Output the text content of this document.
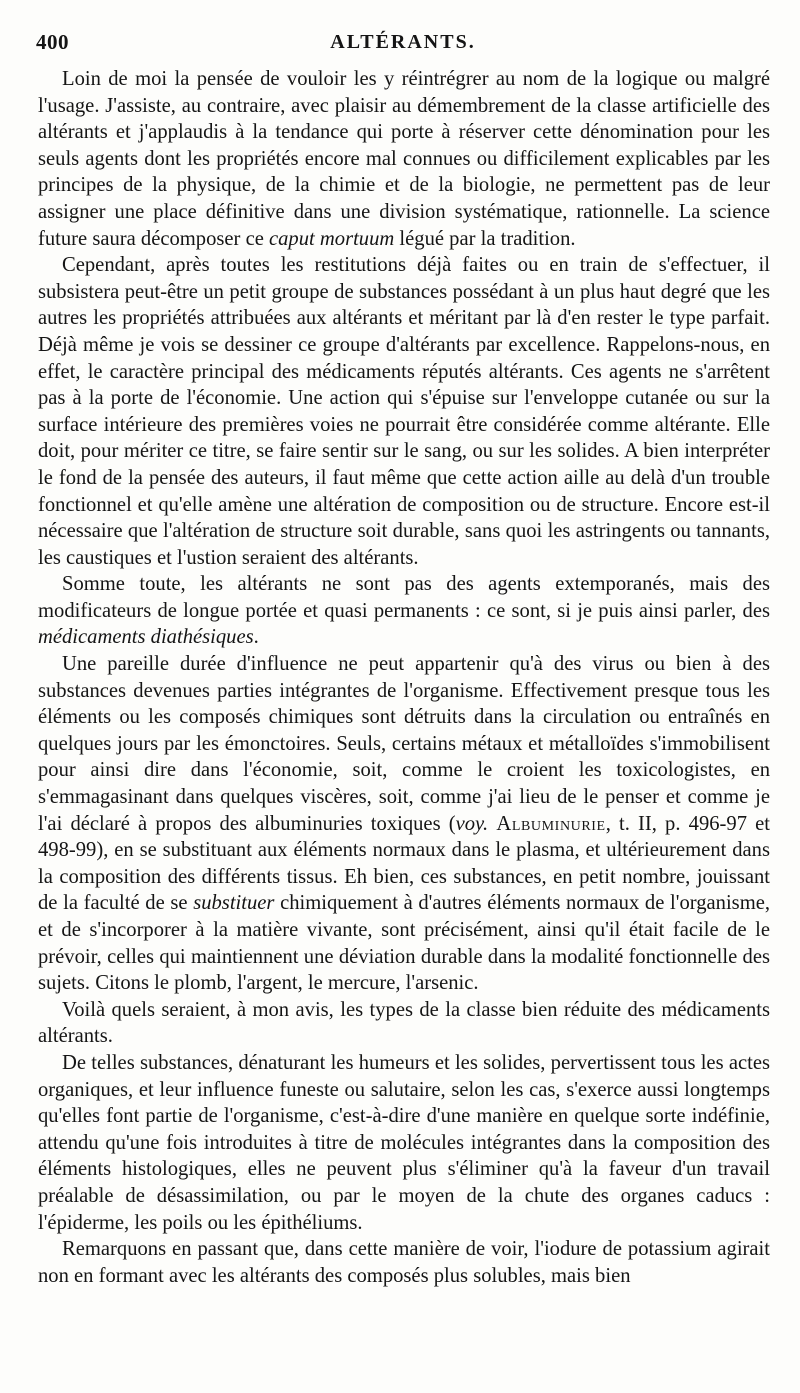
400	ALTÉRANTS.

Loin de moi la pensée de vouloir les y réintrégrer au nom de la logique ou malgré l'usage. J'assiste, au contraire, avec plaisir au démembrement de la classe artificielle des altérants et j'applaudis à la tendance qui porte à réserver cette dénomination pour les seuls agents dont les propriétés encore mal connues ou difficilement explicables par les principes de la physique, de la chimie et de la biologie, ne permettent pas de leur assigner une place définitive dans une division systématique, rationnelle. La science future saura décomposer ce caput mortuum légué par la tradition.

Cependant, après toutes les restitutions déjà faites ou en train de s'effectuer, il subsistera peut-être un petit groupe de substances possédant à un plus haut degré que les autres les propriétés attribuées aux altérants et méritant par là d'en rester le type parfait. Déjà même je vois se dessiner ce groupe d'altérants par excellence. Rappelons-nous, en effet, le caractère principal des médicaments réputés altérants. Ces agents ne s'arrêtent pas à la porte de l'économie. Une action qui s'épuise sur l'enveloppe cutanée ou sur la surface intérieure des premières voies ne pourrait être considérée comme altérante. Elle doit, pour mériter ce titre, se faire sentir sur le sang, ou sur les solides. A bien interpréter le fond de la pensée des auteurs, il faut même que cette action aille au delà d'un trouble fonctionnel et qu'elle amène une altération de composition ou de structure. Encore est-il nécessaire que l'altération de structure soit durable, sans quoi les astringents ou tannants, les caustiques et l'ustion seraient des altérants.

Somme toute, les altérants ne sont pas des agents extemporanés, mais des modificateurs de longue portée et quasi permanents : ce sont, si je puis ainsi parler, des médicaments diathésiques.

Une pareille durée d'influence ne peut appartenir qu'à des virus ou bien à des substances devenues parties intégrantes de l'organisme. Effectivement presque tous les éléments ou les composés chimiques sont détruits dans la circulation ou entraînés en quelques jours par les émonctoires. Seuls, certains métaux et métalloïdes s'immobilisent pour ainsi dire dans l'économie, soit, comme le croient les toxicologistes, en s'emmagasinant dans quelques viscères, soit, comme j'ai lieu de le penser et comme je l'ai déclaré à propos des albuminuries toxiques (voy. Albuminurie, t. II, p. 496-97 et 498-99), en se substituant aux éléments normaux dans le plasma, et ultérieurement dans la composition des différents tissus. Eh bien, ces substances, en petit nombre, jouissant de la faculté de se substituer chimiquement à d'autres éléments normaux de l'organisme, et de s'incorporer à la matière vivante, sont précisément, ainsi qu'il était facile de le prévoir, celles qui maintiennent une déviation durable dans la modalité fonctionnelle des sujets. Citons le plomb, l'argent, le mercure, l'arsenic.

Voilà quels seraient, à mon avis, les types de la classe bien réduite des médicaments altérants.

De telles substances, dénaturant les humeurs et les solides, pervertissent tous les actes organiques, et leur influence funeste ou salutaire, selon les cas, s'exerce aussi longtemps qu'elles font partie de l'organisme, c'est-à-dire d'une manière en quelque sorte indéfinie, attendu qu'une fois introduites à titre de molécules intégrantes dans la composition des éléments histologiques, elles ne peuvent plus s'éliminer qu'à la faveur d'un travail préalable de désassimilation, ou par le moyen de la chute des organes caducs : l'épiderme, les poils ou les épithéliums.

Remarquons en passant que, dans cette manière de voir, l'iodure de potassium agirait non en formant avec les altérants des composés plus solubles, mais bien
